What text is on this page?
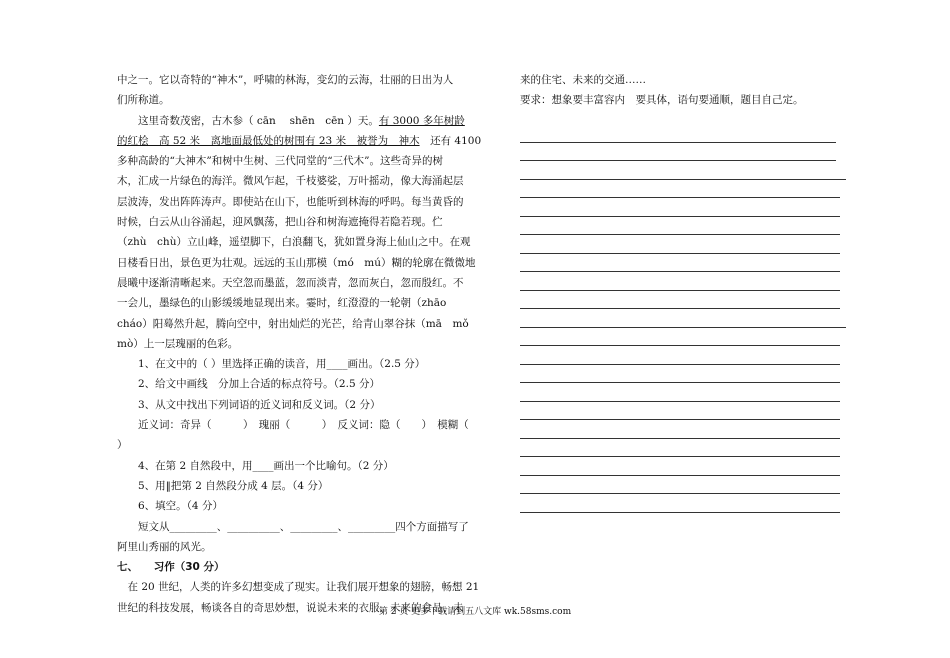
中之一。它以奇特的“神木”，呼啸的林海，变幻的云海，壮丽的日出为人
们所称道。
　　这里奇数茂密，古木参（ cān　 shēn　cēn ）天。有 3000 多年树龄
的红桧　高 52 米　离地面最低处的树围有 23 米　被誉为　神木　还有 4100
多种高龄的“大神木”和树中生树、三代同堂的“三代木”。这些奇异的树
木，汇成一片绿色的海洋。微风乍起，千枝婆娑，万叶摇动，像大海涌起层
层波涛，发出阵阵涛声。即使站在山下，也能听到林海的呼吗。每当黄昏的
时候，白云从山谷涌起，迎风飘荡，把山谷和树海遮掩得若隐若现。伫
（zhù　chù）立山峰，遥望脚下，白浪翻飞，犹如置身海上仙山之中。在观
日楼看日出，景色更为壮观。远远的玉山那模（mó　mú）糊的轮廓在微微地
晨曦中逐渐清晰起来。天空忽而墨蓝，忽而淡青，忽而灰白，忽而殷红。不
一会儿，墨绿色的山影缓缓地显现出来。霎时，红澄澄的一轮朝（zhāo
cháo）阳蓦然升起，腾向空中，射出灿烂的光芒，给青山翠谷抹（mā　mǒ
mò）上一层瑰丽的色彩。
　　1、在文中的（ ）里选择正确的读音，用____画出。（2.5 分）
　　2、给文中画线　分加上合适的标点符号。（2.5 分）
　　3、从文中找出下列词语的近义词和反义词。（2 分）
　　近义词：奇异（　　　）　瑰丽（　　　）　反义词：隐（　　）　模糊（
）
　　4、在第 2 自然段中，用____画出一个比喻句。（2 分）
　　5、用‖把第 2 自然段分成 4 层。（4 分）
　　6、填空。（4 分）
　　短文从_________、__________、_________、_________四个方面描写了
阿里山秀丽的风光。
七、　　习作（30 分）
　在 20 世纪，人类的许多幻想变成了现实。让我们展开想象的翅膀，畅想 21
世纪的科技发展，畅谈各自的奇思妙想，说说未来的衣服、未来的食品、未
来的住宅、未来的交通……
要求：想象要丰富容内　要具体，语句要通顺，题目自己定。
第 2 页 更多下载请到五八文库 wk.58sms.com
